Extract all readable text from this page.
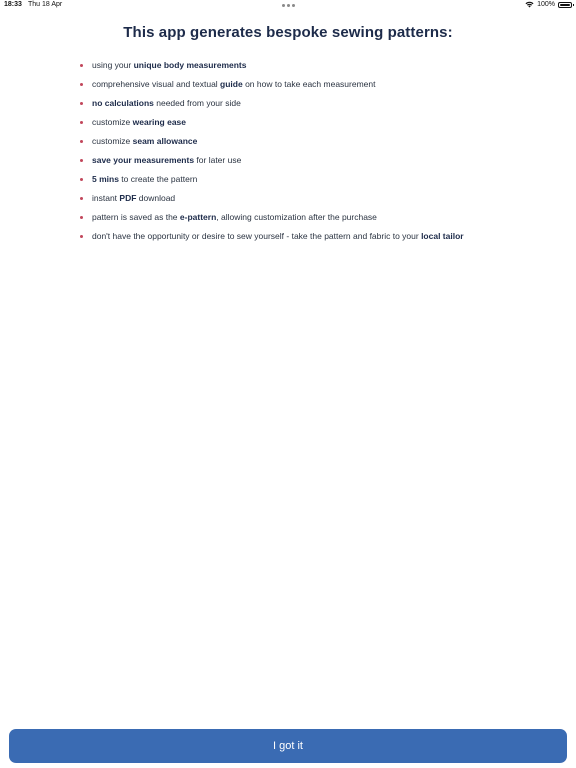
18:33 Thu 18 Apr	100%
This app generates bespoke sewing patterns:
using your unique body measurements
comprehensive visual and textual guide on how to take each measurement
no calculations needed from your side
customize wearing ease
customize seam allowance
save your measurements for later use
5 mins to create the pattern
instant PDF download
pattern is saved as the e-pattern, allowing customization after the purchase
don't have the opportunity or desire to sew yourself - take the pattern and fabric to your local tailor
I got it
